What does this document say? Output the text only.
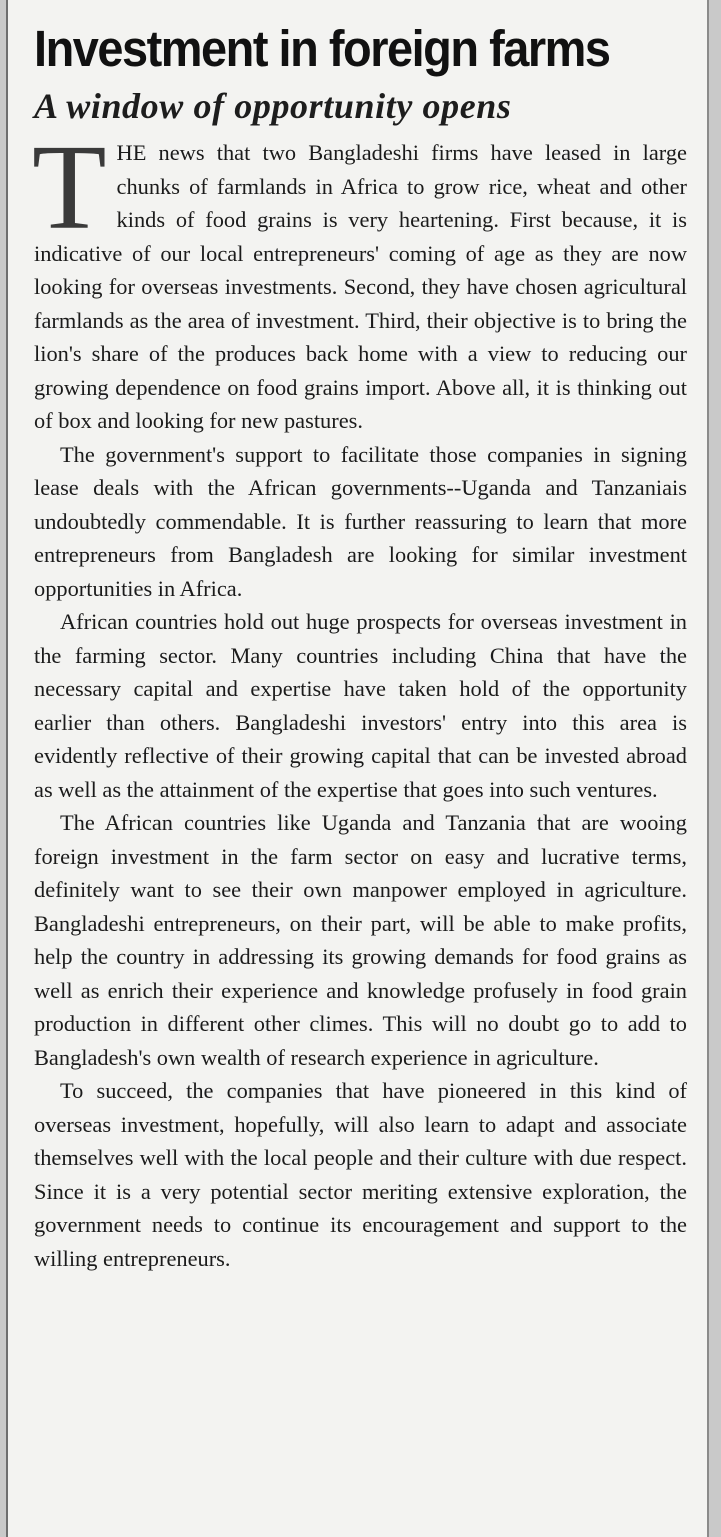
Investment in foreign farms
A window of opportunity opens

THE news that two Bangladeshi firms have leased in large chunks of farmlands in Africa to grow rice, wheat and other kinds of food grains is very heartening. First because, it is indicative of our local entrepreneurs' coming of age as they are now looking for overseas investments. Second, they have chosen agricultural farmlands as the area of investment. Third, their objective is to bring the lion's share of the produces back home with a view to reducing our growing dependence on food grains import. Above all, it is thinking out of box and looking for new pastures.

The government's support to facilitate those companies in signing lease deals with the African governments--Uganda and Tanzaniais undoubtedly commendable. It is further reassuring to learn that more entrepreneurs from Bangladesh are looking for similar investment opportunities in Africa.

African countries hold out huge prospects for overseas investment in the farming sector. Many countries including China that have the necessary capital and expertise have taken hold of the opportunity earlier than others. Bangladeshi investors' entry into this area is evidently reflective of their growing capital that can be invested abroad as well as the attainment of the expertise that goes into such ventures.

The African countries like Uganda and Tanzania that are wooing foreign investment in the farm sector on easy and lucrative terms, definitely want to see their own manpower employed in agriculture. Bangladeshi entrepreneurs, on their part, will be able to make profits, help the country in addressing its growing demands for food grains as well as enrich their experience and knowledge profusely in food grain production in different other climes. This will no doubt go to add to Bangladesh's own wealth of research experience in agriculture.

To succeed, the companies that have pioneered in this kind of overseas investment, hopefully, will also learn to adapt and associate themselves well with the local people and their culture with due respect. Since it is a very potential sector meriting extensive exploration, the government needs to continue its encouragement and support to the willing entrepreneurs.
